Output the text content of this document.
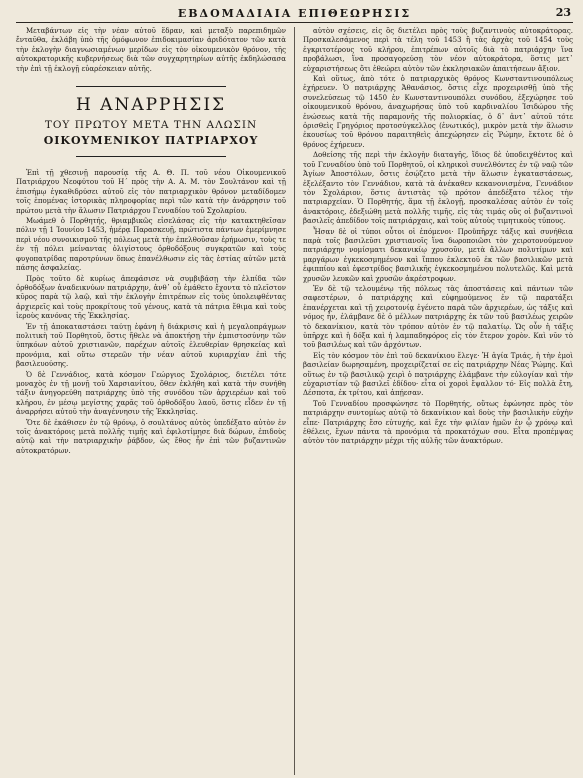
ΕΒΔΟΜΑΔΙΑΙΑ ΕΠΙΘΕΩΡΗΣΙΣ	23

Μεταβάντων εἰς τὴν νέαν αὐτοῦ ἕδραν, καὶ μεταξὺ παρεπιδημῶν ἔνταῦθα, ἐκλάβη ὑπὸ τῆς ὁμόφωνον ἐπιδοκιμασίαν ἀριδότατον τῶν κατὰ τὴν ἐκλογὴν διαγνωσιαμένων μερίδων εἰς τὸν οἰκουμενικὸν θρόνον, τῆς αὐτοκρατορικῆς κυβερνήσεως διὰ τῶν συγχαρητηρίων αὐτῆς ἐκδηλώσασα τὴν ἐπὶ τῇ ἐκλογῇ εὐαρέσκειαν αὐτῆς.

Η ΑΝΑΡΡΗΣΙΣ
ΤΟΥ ΠΡΩΤΟΥ ΜΕΤΑ ΤΗΝ ΑΛΩΣΙΝ
ΟΙΚΟΥΜΕΝΙΚΟΥ ΠΑΤΡΙΑΡΧΟΥ

Ἐπὶ τῇ χθεσινῇ παρουσίᾳ τῆς Α. Θ. Π. τοῦ νέου Οἰκουμενικοῦ Πατριάρχου Νεοφύτου τοῦ Η΄ πρὸς τὴν Α. Α. Μ. τὸν Σουλτάνον καὶ τῇ ἐπισήμῳ ἐγκαθιδρύσει αὐτοῦ εἰς τὸν πατριαρχικὸν θρόνον μεταδίδομεν τοῖς ἑπομένας ἱστορικὰς πληροφορίας περὶ τῶν κατὰ τὴν ἀνάρρησιν τοῦ πρώτου μετὰ τὴν ἅλωσιν Πατριάρχου Γενναδίου τοῦ Σχολαρίου.

Μωάμεθ ὁ Πορθητής, θριαμβικῶς εἰσελάσας εἰς τὴν κατακτηθεῖσαν πόλιν τῇ 1 Ἰουνίου 1453, ἡμέρᾳ Παρασκευῇ, πρώτιστα πάντων ἐμερίμνησε περὶ νέου συνοικισμοῦ τῆς πόλεως μετὰ τὴν ἐπελθοῦσαν ἐρήμωσιν, τοὺς τε ἐν τῇ πόλει μείναντας ὀλιγίστους ὀρθοδόξους συγκρατῶν καὶ τοὺς φυγοπατρίδας παροτρύνων ὅπως ἐπανέλθωσιν εἰς τὰς ἑστίας αὐτῶν μετὰ πάσης ἀσφαλείας.

Πρὸς τοῦτο δὲ κυρίως ἀπεφάσισε νὰ συμβιβάσῃ τὴν ἐλπίδα τῶν ὀρθοδόξων ἀναδεικνύων πατριάρχην, ἀνθ᾽ οὗ ἐμάθετο ἔχοντα τὸ πλεῖστον κῦρος παρὰ τῷ λαῷ, καὶ τὴν ἐκλογὴν ἐπιτρέπων εἰς τοὺς ὑπολειφθέντας ἀρχιερεῖς καὶ τοὺς προκρίτους τοῦ γένους, κατὰ τὰ πάτρια ἔθιμα καὶ τοὺς ἱεροὺς κανόνας τῆς Ἐκκλησίας.

Ἐν τῇ ἀποκαταστάσει ταύτῃ ἐφάνη ἡ διάκρισις καὶ ἡ μεγαλοπράγμων πολιτικὴ τοῦ Πορθητοῦ, ὅστις ἤθελε νὰ ἀποκτήσῃ τὴν ἐμπιστοσύνην τῶν ὑπηκόων αὐτοῦ χριστιανῶν, παρέχων αὐτοῖς ἐλευθερίαν θρησκείας καὶ προνόμια, καὶ οὕτω στερεῶν τὴν νέαν αὐτοῦ κυριαρχίαν ἐπὶ τῆς βασιλευούσης.

Ὁ δὲ Γεννάδιος, κατὰ κόσμον Γεώργιος Σχολάριος, διετέλει τότε μοναχὸς ἐν τῇ μονῇ τοῦ Χαρσιανίτου, ὅθεν ἐκλήθη καὶ κατὰ τὴν συνήθη τάξιν ἀνηγορεύθη πατριάρχης ὑπὸ τῆς συνόδου τῶν ἀρχιερέων καὶ τοῦ κλήρου, ἐν μέσῳ μεγίστης χαρᾶς τοῦ ὀρθοδόξου λαοῦ, ὅστις εἶδεν ἐν τῇ ἀναρρήσει αὐτοῦ τὴν ἀναγέννησιν τῆς Ἐκκλησίας.

Ὅτε δὲ ἐκάθισεν ἐν τῷ θρόνῳ, ὁ σουλτάνος αὐτὸς ὑπεδέξατο αὐτὸν ἐν τοῖς ἀνακτόροις μετὰ πολλῆς τιμῆς καὶ ἐφιλοτίμησε διὰ δώρων, ἐπιδοὺς αὐτῷ καὶ τὴν πατριαρχικὴν ῥάβδον, ὡς ἔθος ἦν ἐπὶ τῶν βυζαντινῶν αὐτοκρατόρων.

αὐτὸν σχέσεις, εἰς ὃς διετέλει πρὸς τοὺς βυζαντινοὺς αὐτοκράτορας. Προσκαλεσάμενος περὶ τὰ τέλη τοῦ 1453 ἢ τὰς ἀρχὰς τοῦ 1454 τοὺς ἐγκριτοτέρους τοῦ κλήρου, ἐπιτρέπων αὐτοῖς διὰ τὸ πατριάρχην ἵνα προβάλωσι, ἵνα προσαγορεύσῃ τὸν νέον αὐτοκράτορα, ὅστις μετ᾽ εὐχαριστήσεως ὅτι ἐθεώρει αὐτὸν τῶν ἐκκλησιακῶν ἀπαιτήσεων ἄξιον.

Καὶ οὕτως, ἀπὸ τότε ὁ πατριαρχικὸς θρόνος Κωνσταντινουπόλεως ἐχήρευεν. Ὁ πατριάρχης Ἀθανάσιος, ὅστις εἶχε προχειρισθῇ ὑπὸ τῆς συνελεύσεως τῷ 1450 ἐν Κωνσταντινουπόλει συνόδου, ἐξεχώρησε τοῦ οἰκουμενικοῦ θρόνου, ἀναχωρήσας ὑπὸ τοῦ καρδιναλίου Ἰσιδώρου τῆς ἐνώσεως κατὰ τῆς παραμονῆς τῆς πολιορκίας, ὁ δ᾽ ἀντ᾽ αὐτοῦ τότε ὀρισθεὶς Γρηγόριος προτοσύγκελλος (ἐνωτικός), μικρὸν μετὰ τὴν ἅλωσιν ἐκουσίως τοῦ θρόνου παραιτηθεὶς ἀπεχώρησεν εἰς Ῥώμην, ἔκτοτε δὲ ὁ θρόνος ἐχήρευεν.

Δοθείσης τῆς περὶ τὴν ἐκλογὴν διαταγῆς, ἴδιος δὲ ὑποδειχθέντος καὶ τοῦ Γενναδίου ὑπὸ τοῦ Πορθητοῦ, οἱ κληρικοὶ συνελθόντες ἐν τῷ ναῷ τῶν Ἁγίων Ἀποστόλων, ὅστις ἐσῴζετο μετὰ τὴν ἅλωσιν ἐγκαταστάσεως, ἐξελέξαντο τὸν Γεννάδιον, κατὰ τὰ ἀνέκαθεν κεκανονισμένα, Γεννάδιον τὸν Σχολάριον, ὅστις ἀντιστὰς τῷ πρότον ἀπεδέξατο τέλος τὴν πατριαρχείαν. Ὁ Πορθητής, ἅμα τῇ ἐκλογῇ, προσκαλέσας αὐτὸν ἐν τοῖς ἀνακτόροις, ἐδεξιώθη μετὰ πολλῆς τιμῆς, εἰς τὰς τιμάς οὓς οἱ βυζαντινοὶ βασιλεῖς ἀπεδίδον τοῖς πατριάρχαις, καὶ τοὺς αὐτοὺς τιμητικοὺς τύπους.

Ἦσαν δὲ οἱ τύποι οὗτοι οἱ ἑπόμενοι· Προϋπῆρχε τάξις καὶ συνήθεια παρὰ τοῖς βασιλεῦσι χριστιανοῖς ἵνα δωροποιῶσι τὸν χειροτονούμενον πατριάρχην νομίσματι δεκανικίῳ χρυσοῦν, μετὰ ἄλλων πολυτίμων καὶ μαργάρων ἐγκεκοσμημένον καὶ ἵππου ἐκλεκτοῦ ἐκ τῶν βασιλικῶν μετὰ ἐφιππίου καὶ ἐφεστρίδος βασιλικῆς ἐγκεκοσμημένου πολυτελῶς. Καὶ μετὰ χρυσῶν λευκῶν καὶ χρυσῶν ἀκρέστροφων.

Ἐν δὲ τῷ τελουμένῳ τῆς πόλεως τὰς ἀποστάσεις καὶ πάντων τῶν σαφεστέρων, ὁ πατριάρχης καὶ εὐφημούμενος ἐν τῷ παρατάξει ἐπανέρχεται καὶ τῇ χειροτονίᾳ ἐγένετο παρὰ τῶν ἀρχιερέων, ὡς τάξις καὶ νόμος ἦν, ἐλάμβανε δὲ ὁ μέλλων πατριάρχης ἐκ τῶν τοῦ βασιλέως χειρῶν τὸ δεκανίκιον, κατὰ τὸν τρόπον αὐτὸν ἐν τῷ παλατίῳ. Ὡς οὖν ἡ τάξις ὑπῆρχε καὶ ἡ δόξα καὶ ἡ λαμπαδηφόρος εἰς τὸν ἕτερον χορὸν. Καὶ νῦν τὸ τοῦ βασιλέως καὶ τῶν ἀρχόντων.

Εἰς τὸν κόσμον τὸν ἐπὶ τοῦ δεκανίκιου ἔλεγε· Ἡ ἁγία Τριάς, ἡ τὴν ἐμοὶ βασιλείαν δωρησαμένη, προχειρίζεταί σε εἰς πατριάρχην Νέας Ῥώμης. Καὶ οὕτως ἐν τῷ βασιλικῷ χειρὶ ὁ πατριάρχης ἐλάμβανε τὴν εὐλογίαν καὶ τὴν εὐχαριστίαν τῷ βασιλεῖ ἐδίδου· εἶτα οἱ χοροὶ ἔψαλλον τό· Εἰς πολλὰ ἔτη, Δέσποτα, ἐκ τρίτου, καὶ ἀπῄεσαν.

Τοῦ Γενναδίου προσφώνησε τὸ Πορθητής, οὕτως ἐφώνησε πρὸς τὸν πατριάρχην συντομίως αὐτῷ τὸ δεκανίκιον καὶ δοὺς τὴν βασιλικὴν εὐχὴν εἶπε· Πατριάρχης ἔσο εὐτυχής, καὶ ἔχε τὴν φιλίαν ἡμῶν ἐν ᾧ χρόνῳ καὶ ἐθέλεις, ἔχων πάντα τὰ προνόμια τὰ προκατόχων σου. Εἶτα προπέμψας αὐτὸν τὸν πατριάρχην μέχρι τῆς αὐλῆς τῶν ἀνακτόρων.
